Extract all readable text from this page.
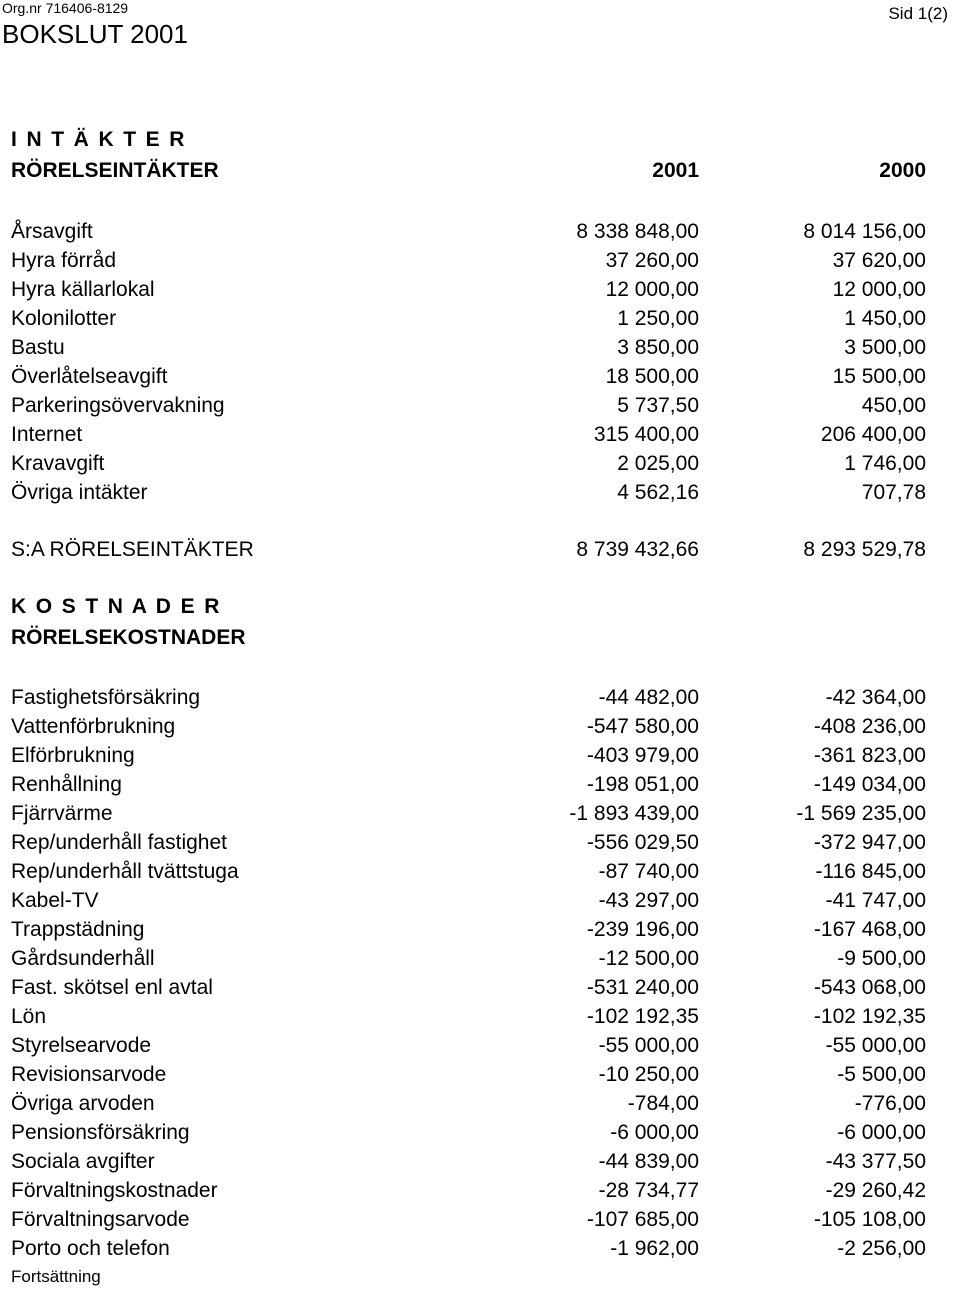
Org.nr 716406-8129	Sid 1(2)
BOKSLUT 2001
I N T Ä K T E R
RÖRELSEINTÄKTER	2001	2000
Årsavgift	8 338 848,00	8 014 156,00
Hyra förråd	37 260,00	37 620,00
Hyra källarlokal	12 000,00	12 000,00
Kolonilotter	1 250,00	1 450,00
Bastu	3 850,00	3 500,00
Överlåtelseavgift	18 500,00	15 500,00
Parkeringsövervakning	5 737,50	450,00
Internet	315 400,00	206 400,00
Kravavgift	2 025,00	1 746,00
Övriga intäkter	4 562,16	707,78
S:A RÖRELSEINTÄKTER	8 739 432,66	8 293 529,78
K O S T N A D E R
RÖRELSEKOSTNADER
Fastighetsförsäkring	-44 482,00	-42 364,00
Vattenförbrukning	-547 580,00	-408 236,00
Elförbrukning	-403 979,00	-361 823,00
Renhållning	-198 051,00	-149 034,00
Fjärrvärme	-1 893 439,00	-1 569 235,00
Rep/underhåll fastighet	-556 029,50	-372 947,00
Rep/underhåll tvättstuga	-87 740,00	-116 845,00
Kabel-TV	-43 297,00	-41 747,00
Trappstädning	-239 196,00	-167 468,00
Gårdsunderhåll	-12 500,00	-9 500,00
Fast. skötsel enl avtal	-531 240,00	-543 068,00
Lön	-102 192,35	-102 192,35
Styrelsearvode	-55 000,00	-55 000,00
Revisionsarvode	-10 250,00	-5 500,00
Övriga arvoden	-784,00	-776,00
Pensionsförsäkring	-6 000,00	-6 000,00
Sociala avgifter	-44 839,00	-43 377,50
Förvaltningskostnader	-28 734,77	-29 260,42
Förvaltningsarvode	-107 685,00	-105 108,00
Porto och telefon	-1 962,00	-2 256,00
Fortsättning
